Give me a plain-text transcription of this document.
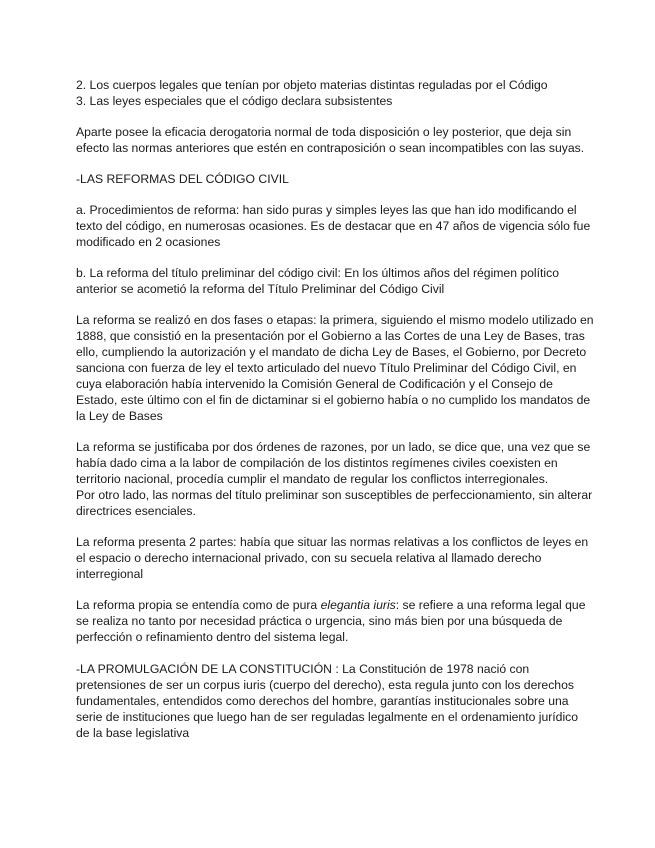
2. Los cuerpos legales que tenían por objeto materias distintas reguladas por el Código
3. Las leyes especiales que el código declara subsistentes
Aparte posee la eficacia derogatoria normal de toda disposición o ley posterior, que deja sin
efecto las normas anteriores que estén en contraposición o sean incompatibles con las suyas.
-LAS REFORMAS DEL CÓDIGO CIVIL
a. Procedimientos de reforma: han sido puras y simples leyes las que han ido modificando el
texto del código, en numerosas ocasiones. Es de destacar que en 47 años de vigencia sólo fue
modificado en 2 ocasiones
b. La reforma del título preliminar del código civil: En los últimos años del régimen político
anterior se acometió la reforma del Título Preliminar del Código Civil
La reforma se realizó en dos fases o etapas: la primera, siguiendo el mismo modelo utilizado en
1888, que consistió en la presentación por el Gobierno a las Cortes de una Ley de Bases, tras
ello, cumpliendo la autorización y el mandato de dicha Ley de Bases, el Gobierno, por Decreto
sanciona con fuerza de ley el texto articulado del nuevo Título Preliminar del Código Civil, en
cuya elaboración había intervenido la Comisión General de Codificación y el Consejo de
Estado, este último con el fin de dictaminar si el gobierno había o no cumplido los mandatos de
la Ley de Bases
La reforma se justificaba por dos órdenes de razones, por un lado, se dice que, una vez que se
había dado cima a la labor de compilación de los distintos regímenes civiles coexisten en
territorio nacional, procedía cumplir el mandato de regular los conflictos interregionales.
Por otro lado, las normas del título preliminar son susceptibles de perfeccionamiento, sin alterar
directrices esenciales.
La reforma presenta 2 partes: había que situar las normas relativas a los conflictos de leyes en
el espacio o derecho internacional privado, con su secuela relativa al llamado derecho
interregional
La reforma propia se entendía como de pura elegantia iuris: se refiere a una reforma legal que
se realiza no tanto por necesidad práctica o urgencia, sino más bien por una búsqueda de
perfección o refinamiento dentro del sistema legal.
-LA PROMULGACIÓN DE LA CONSTITUCIÓN : La Constitución de 1978 nació con
pretensiones de ser un corpus iuris (cuerpo del derecho), esta regula junto con los derechos
fundamentales, entendidos como derechos del hombre, garantías institucionales sobre una
serie de instituciones que luego han de ser reguladas legalmente en el ordenamiento jurídico
de la base legislativa
